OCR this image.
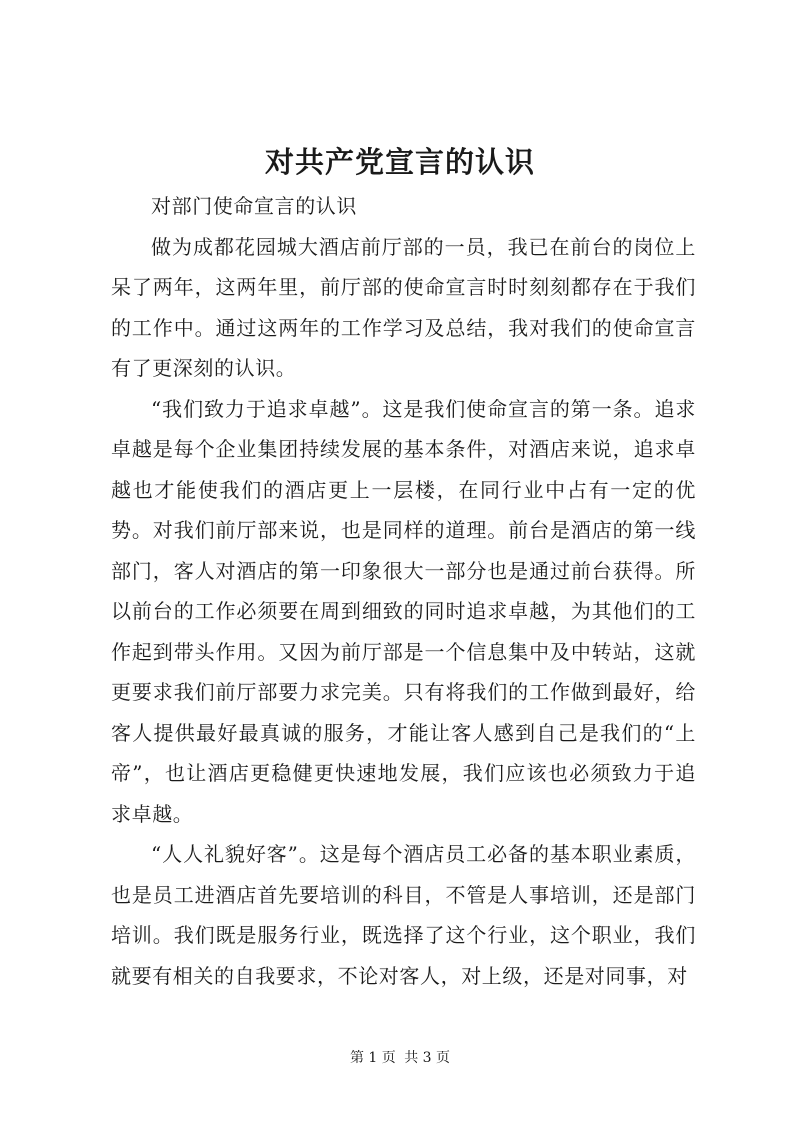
对共产党宣言的认识

对部门使命宣言的认识

做为成都花园城大酒店前厅部的一员，我已在前台的岗位上呆了两年，这两年里，前厅部的使命宣言时时刻刻都存在于我们的工作中。通过这两年的工作学习及总结，我对我们的使命宣言有了更深刻的认识。

“我们致力于追求卓越”。这是我们使命宣言的第一条。追求卓越是每个企业集团持续发展的基本条件，对酒店来说，追求卓越也才能使我们的酒店更上一层楼，在同行业中占有一定的优势。对我们前厅部来说，也是同样的道理。前台是酒店的第一线部门，客人对酒店的第一印象很大一部分也是通过前台获得。所以前台的工作必须要在周到细致的同时追求卓越，为其他们的工作起到带头作用。又因为前厅部是一个信息集中及中转站，这就更要求我们前厅部要力求完美。只有将我们的工作做到最好，给客人提供最好最真诚的服务，才能让客人感到自己是我们的“上帝”，也让酒店更稳健更快速地发展，我们应该也必须致力于追求卓越。

“人人礼貌好客”。这是每个酒店员工必备的基本职业素质，也是员工进酒店首先要培训的科目，不管是人事培训，还是部门培训。我们既是服务行业，既选择了这个行业，这个职业，我们就要有相关的自我要求，不论对客人，对上级，还是对同事，对

第 1 页 共 3 页
